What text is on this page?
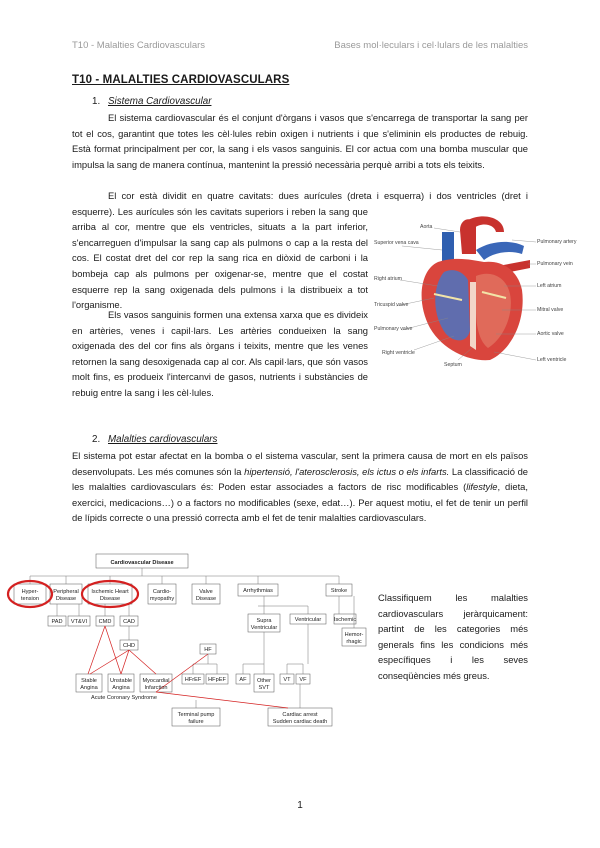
T10 - Malalties Cardiovasculars	Bases mol·leculars i cel·lulars de les malalties
T10 - MALALTIES CARDIOVASCULARS
1. Sistema Cardiovascular

El sistema cardiovascular és el conjunt d'òrgans i vasos que s'encarrega de transportar la sang per tot el cos, garantint que totes les cèl·lules rebin oxigen i nutrients i que s'eliminin els productes de rebuig. Està format principalment per cor, la sang i els vasos sanguinis. El cor actua com una bomba muscular que impulsa la sang de manera contínua, mantenint la pressió necessària perquè arribi a tots els teixits.

El cor està dividit en quatre cavitats: dues aurícules (dreta i esquerra) i dos ventricles (dret i esquerre). Les aurícules són les cavitats superiors i reben la sang que arriba al cor, mentre que els ventricles, situats a la part inferior, s'encarreguen d'impulsar la sang cap als pulmons o cap a la resta del cos. El costat dret del cor rep la sang rica en diòxid de carboni i la bombeja cap als pulmons per oxigenar-se, mentre que el costat esquerre rep la sang oxigenada dels pulmons i la distribueix a tot l'organisme.

Aorta
Superior vena cava
Right atrium
Tricuspid valve
Pulmonary valve
Right ventricle
Septum
Pulmonary artery
Pulmonary vein
Left atrium
Mitral valve
Aortic valve
Left ventricle

Els vasos sanguinis formen una extensa xarxa que es divideix en artèries, venes i capil·lars. Les artèries condueixen la sang oxigenada des del cor fins als òrgans i teixits, mentre que les venes retornen la sang desoxigenada cap al cor. Als capil·lars, que són vasos molt fins, es produeix l'intercanvi de gasos, nutrients i substàncies de rebuig entre la sang i les cèl·lules.

2. Malalties cardiovasculars

El sistema pot estar afectat en la bomba o el sistema vascular, sent la primera causa de mort en els països desenvolupats. Les més comunes són la hipertensió, l'aterosclerosis, els ictus o els infarts. La classificació de les malalties cardiovasculars és: Poden estar associades a factors de risc modificables (lifestyle, dieta, exercici, medicacions…) o a factors no modificables (sexe, edat…). Per aquest motiu, el fet de tenir un perfil de lípids correcte o una pressió correcta amb el fet de tenir malalties cardiovasculars.

Cardiovascular Disease
Hyper-
tension
Peripheral
Disease
Ischemic Heart
Disease
Cardio-
myopathy
Valve
Disease
Arrhythmias	Stroke
PAD VT&VI CMD CAD
CHD
Stable
Angina
Unstable
Angina
Myocardial
Infarction
Acute Coronary Syndrome
HF
HFrEF HFpEF
Supra
Ventricular
Ventricular
AF Other
SVT
VT VF
Ischemic
Hemor-
rhagic
Terminal pump
failure
Cardiac arrest
Sudden cardiac death

Classifiquem les malalties cardiovasculars jeràrquicament: partint de les categories més generals fins les condicions més específiques i les seves conseqüències més greus.

1
